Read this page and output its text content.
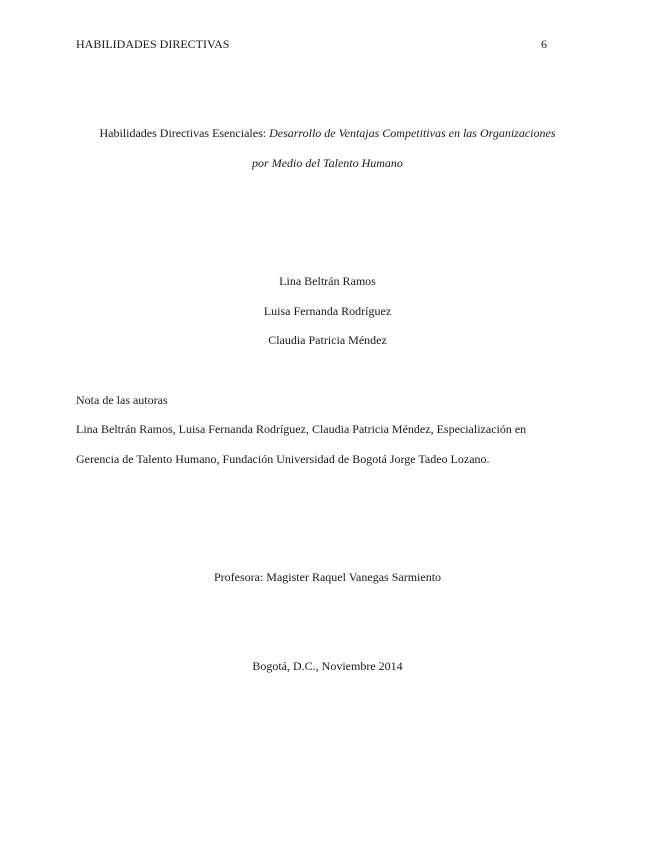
HABILIDADES DIRECTIVAS	6
Habilidades Directivas Esenciales: Desarrollo de Ventajas Competitivas en las Organizaciones
por Medio del Talento Humano
Lina Beltrán Ramos
Luisa Fernanda Rodríguez
Claudia Patricia Méndez
Nota de las autoras
Lina Beltrán Ramos, Luisa Fernanda Rodríguez, Claudia Patricia Méndez, Especialización en
Gerencia de Talento Humano, Fundación Universidad de Bogotá Jorge Tadeo Lozano.
Profesora: Magister Raquel Vanegas Sarmiento
Bogotá, D.C., Noviembre 2014
